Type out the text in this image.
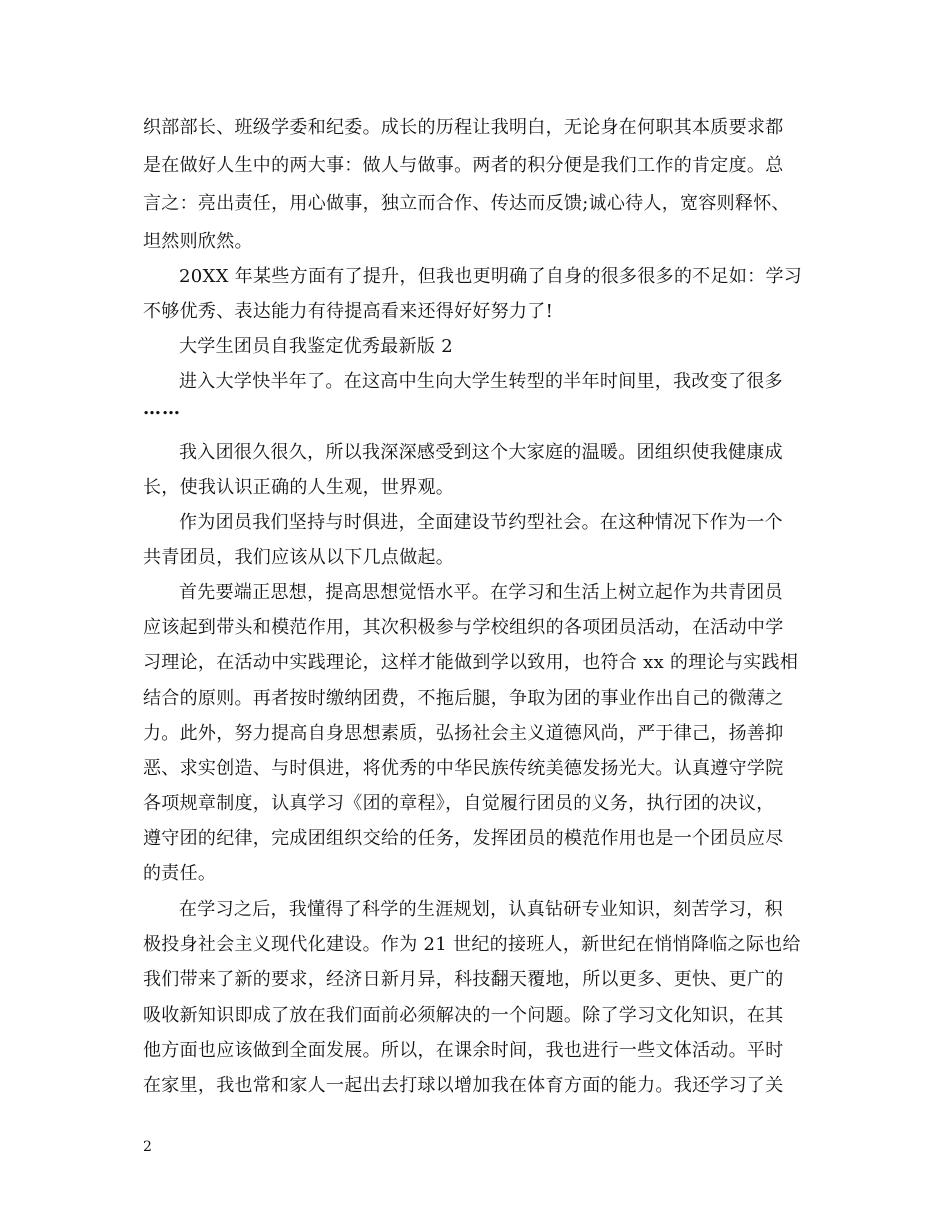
织部部长、班级学委和纪委。成长的历程让我明白，无论身在何职其本质要求都
是在做好人生中的两大事：做人与做事。两者的积分便是我们工作的肯定度。总
言之：亮出责任，用心做事，独立而合作、传达而反馈;诚心待人，宽容则释怀、
坦然则欣然。
20XX 年某些方面有了提升，但我也更明确了自身的很多很多的不足如：学习
不够优秀、表达能力有待提高看来还得好好努力了!
大学生团员自我鉴定优秀最新版 2
进入大学快半年了。在这高中生向大学生转型的半年时间里，我改变了很多
……
我入团很久很久，所以我深深感受到这个大家庭的温暖。团组织使我健康成
长，使我认识正确的人生观，世界观。
作为团员我们坚持与时俱进，全面建设节约型社会。在这种情况下作为一个
共青团员，我们应该从以下几点做起。
首先要端正思想，提高思想觉悟水平。在学习和生活上树立起作为共青团员
应该起到带头和模范作用，其次积极参与学校组织的各项团员活动，在活动中学
习理论，在活动中实践理论，这样才能做到学以致用，也符合 xx 的理论与实践相
结合的原则。再者按时缴纳团费，不拖后腿，争取为团的事业作出自己的微薄之
力。此外，努力提高自身思想素质，弘扬社会主义道德风尚，严于律己，扬善抑
恶、求实创造、与时俱进，将优秀的中华民族传统美德发扬光大。认真遵守学院
各项规章制度，认真学习《团的章程》，自觉履行团员的义务，执行团的决议，
遵守团的纪律，完成团组织交给的任务，发挥团员的模范作用也是一个团员应尽
的责任。
在学习之后，我懂得了科学的生涯规划，认真钻研专业知识，刻苦学习，积
极投身社会主义现代化建设。作为 21 世纪的接班人，新世纪在悄悄降临之际也给
我们带来了新的要求，经济日新月异，科技翻天覆地，所以更多、更快、更广的
吸收新知识即成了放在我们面前必须解决的一个问题。除了学习文化知识，在其
他方面也应该做到全面发展。所以，在课余时间，我也进行一些文体活动。平时
在家里，我也常和家人一起出去打球以增加我在体育方面的能力。我还学习了关
2
